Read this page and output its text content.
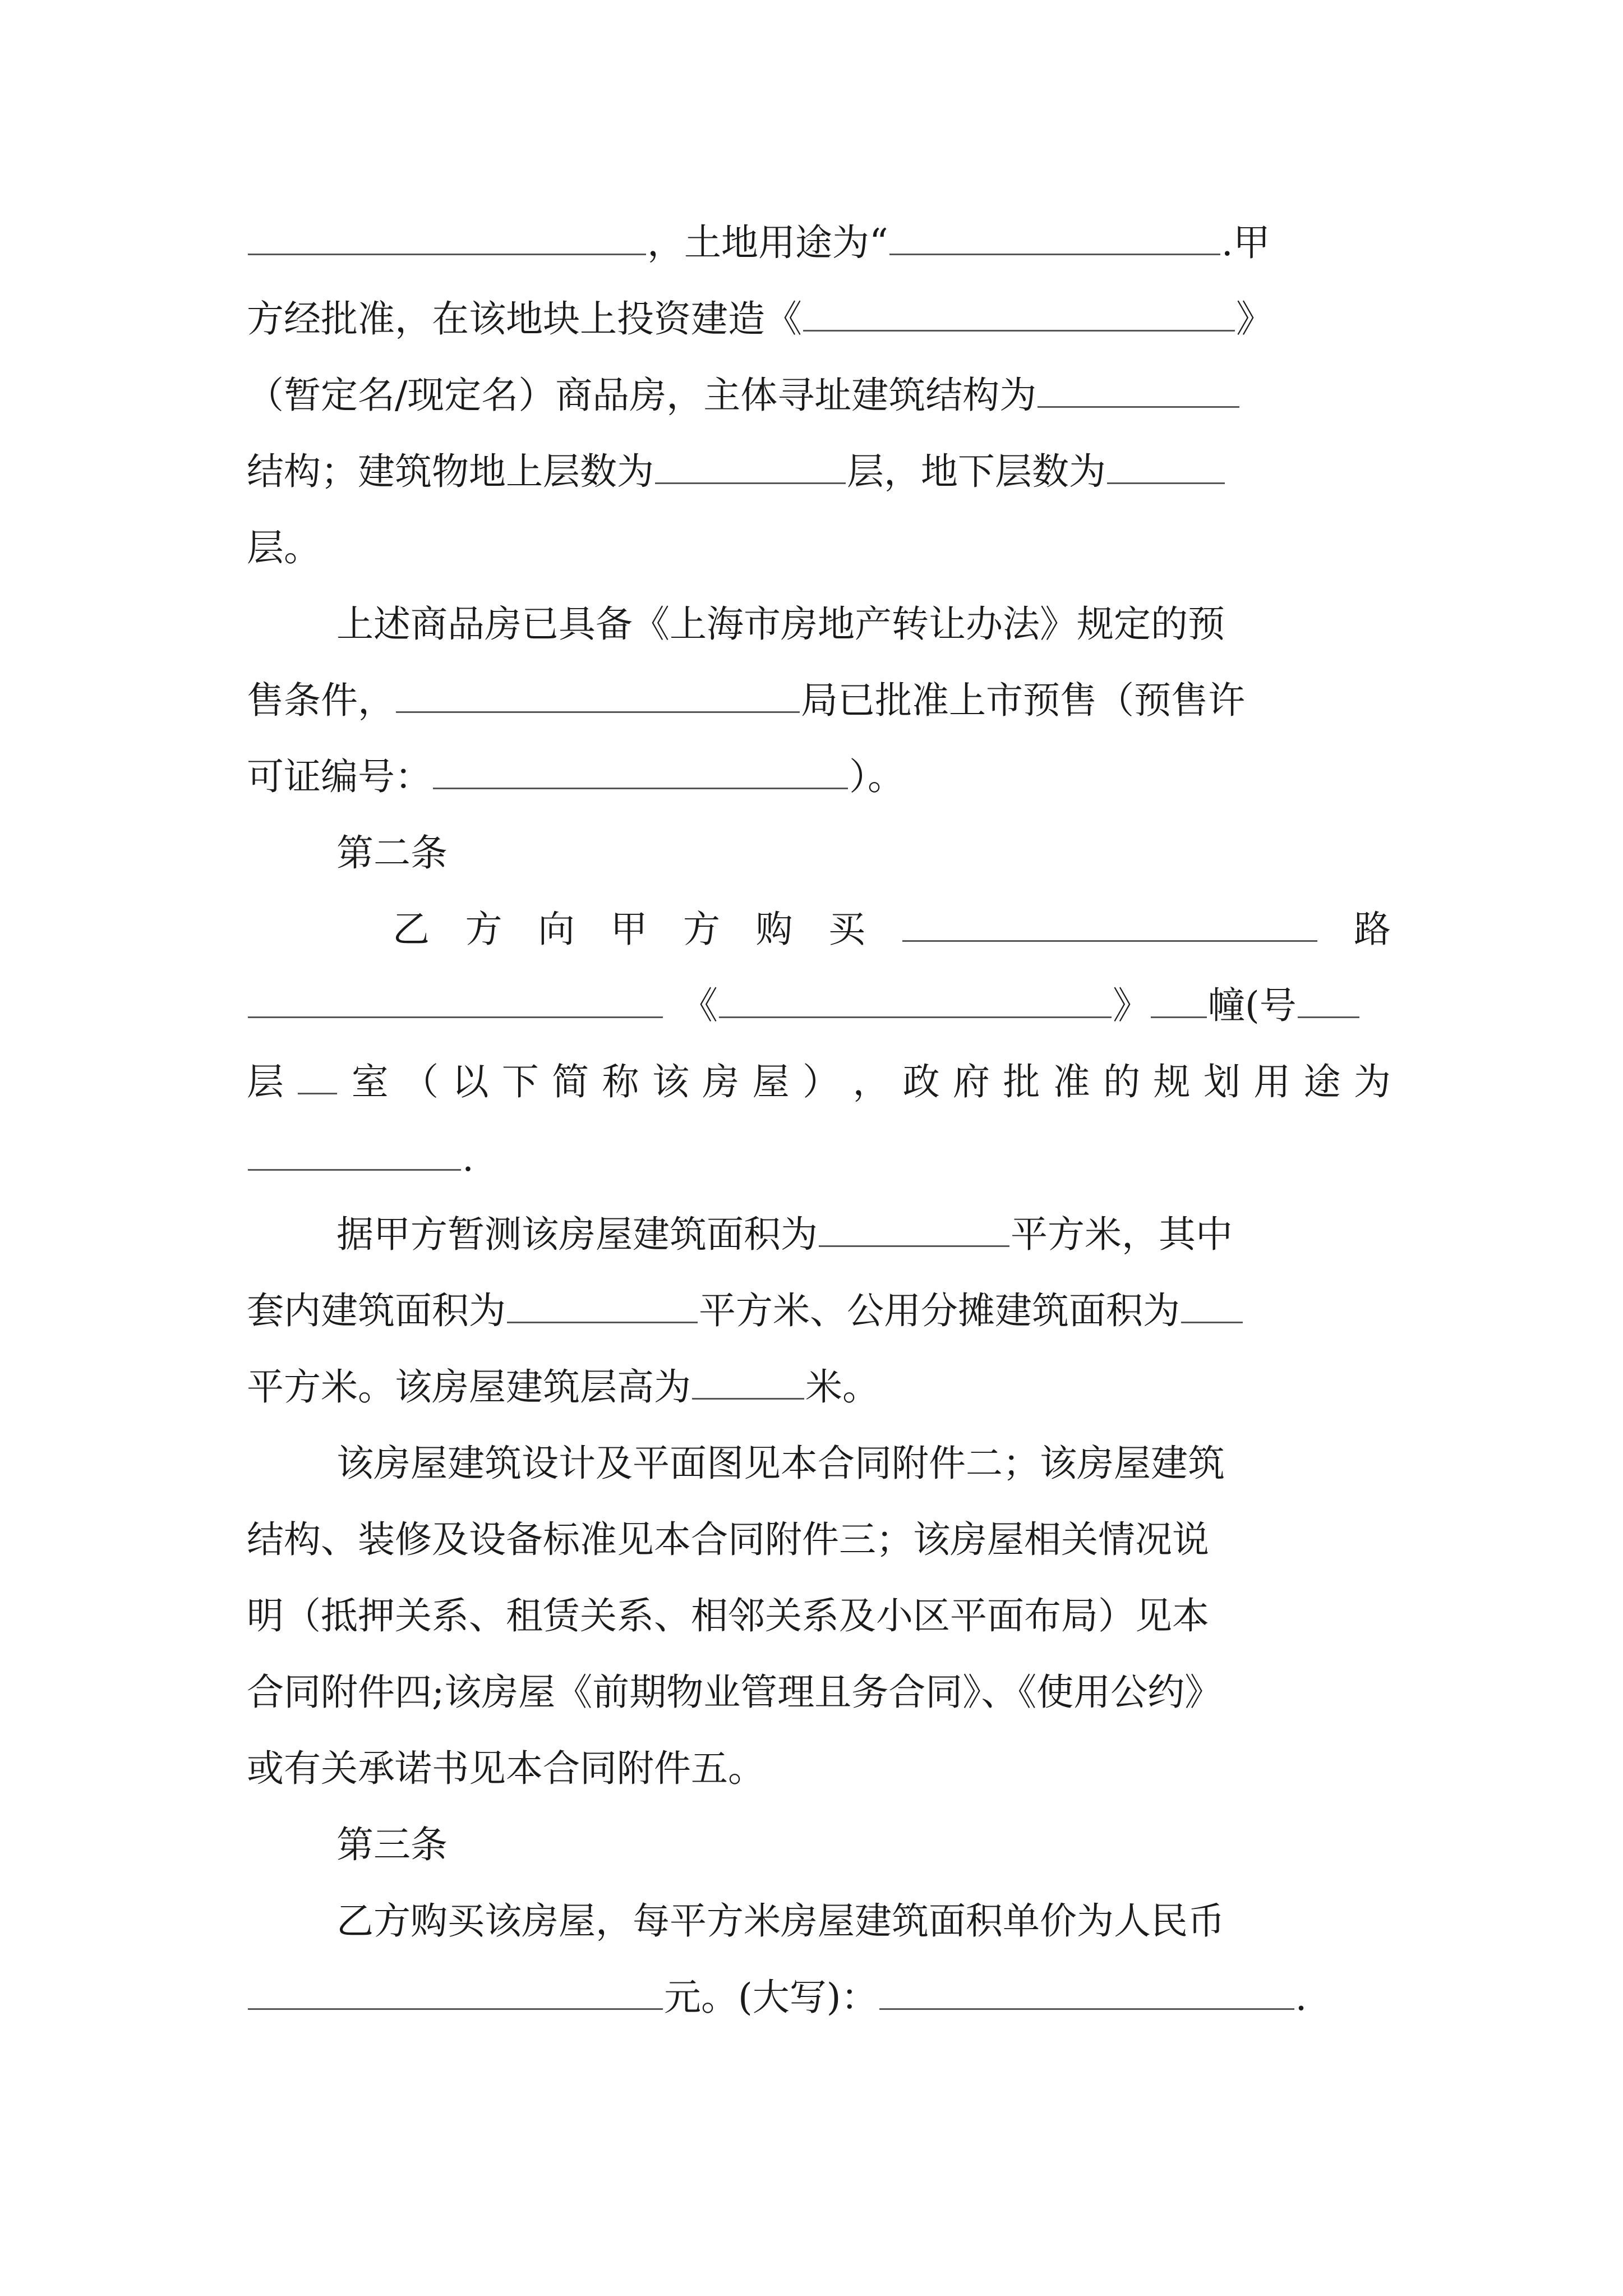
，土地用途为“	.甲
方经批准，在该地块上投资建造《	》
（暂定名/现定名）商品房，主体寻址建筑结构为
结构；建筑物地上层数为	层，地下层数为
层。
上述商品房已具备《上海市房地产转让办法》规定的预
售条件，	局已批准上市预售（预售许
可证编号：	）。
第二条
乙 方 向 甲 方 购 买	路
《	》 幢(号
层 室 （ 以 下 简 称 该 房 屋 ） ， 政 府 批 准 的 规 划 用 途 为
.
据甲方暂测该房屋建筑面积为	平方米，其中
套内建筑面积为	平方米、公用分摊建筑面积为
平方米。该房屋建筑层高为	米。
该房屋建筑设计及平面图见本合同附件二；该房屋建筑
结构、装修及设备标准见本合同附件三；该房屋相关情况说
明（抵押关系、租赁关系、相邻关系及小区平面布局）见本
合同附件四;该房屋《前期物业管理且务合同》、《使用公约》
或有关承诺书见本合同附件五。
第三条
乙方购买该房屋，每平方米房屋建筑面积单价为人民币
元。(大写)：	.
